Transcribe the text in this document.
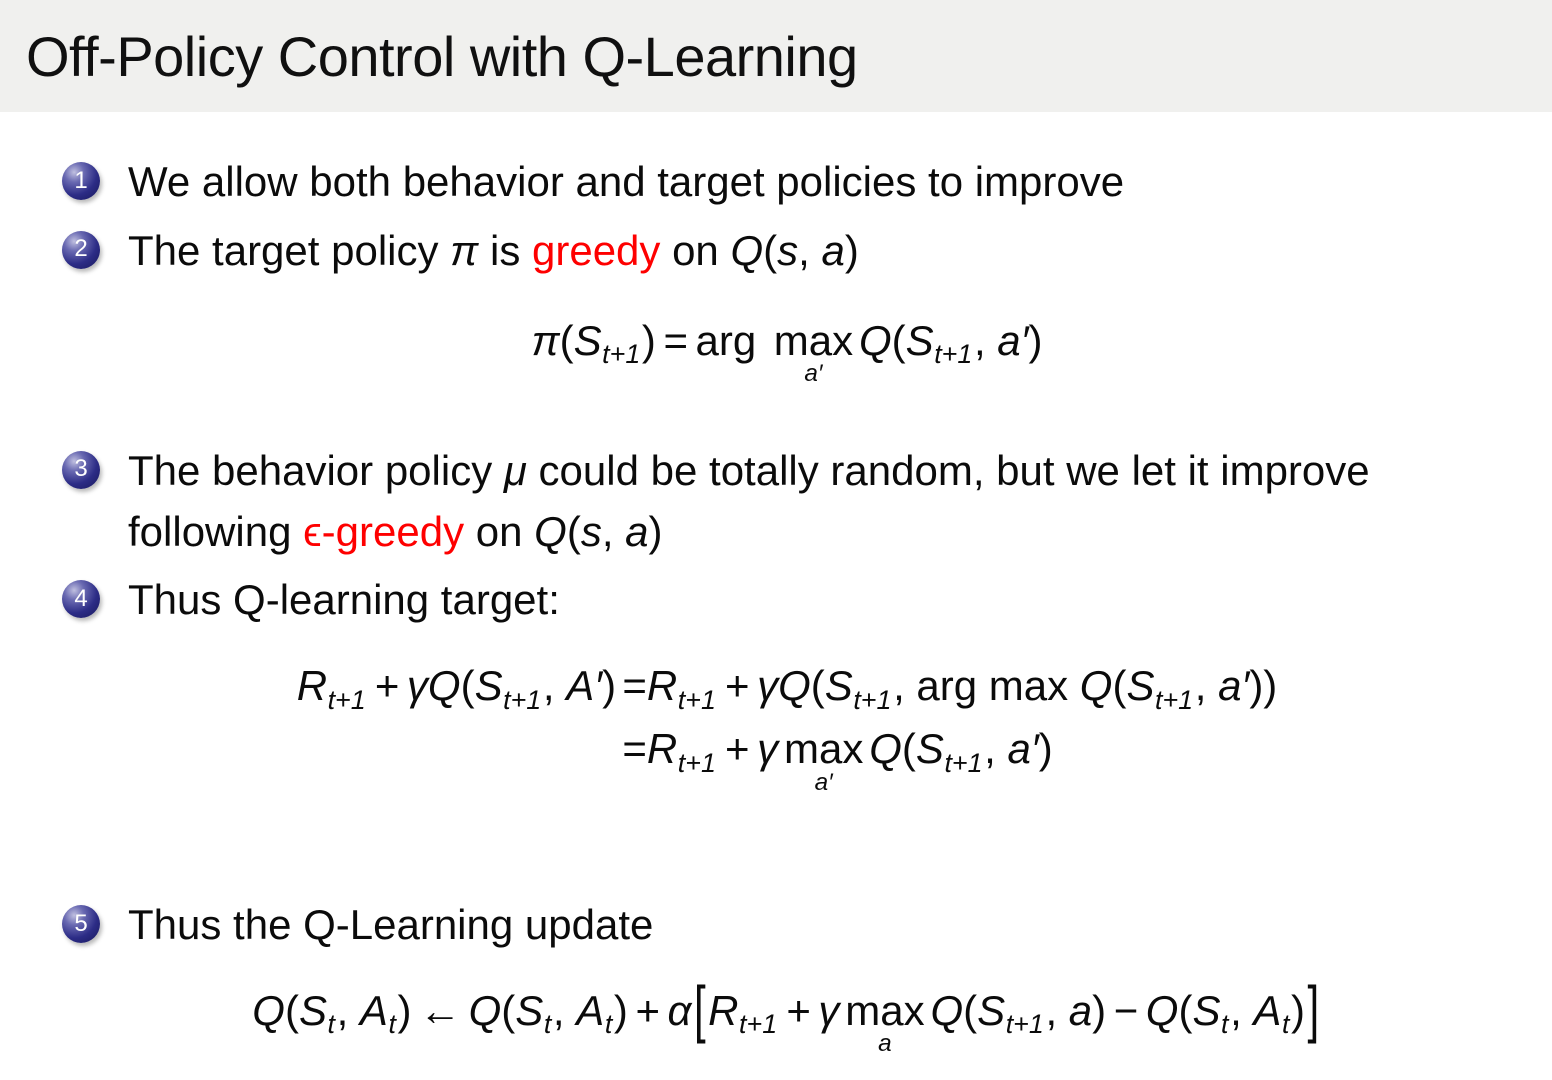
Off-Policy Control with Q-Learning
1 We allow both behavior and target policies to improve
2 The target policy π is greedy on Q(s, a)
$\pi(S_{t+1})$ = arg max
a′
$Q(S_{t+1}$, a′)
3 The behavior policy μ could be totally random, but we let it improve
following ϵ-greedy on Q(s, a)
4 Thus Q-learning target:
$R_{t+1} + \gamma Q(S_{t+1}$, A′)	$=R_{t+1} + \gamma Q(S_{t+1}$, arg $\max Q(S_{t+1}$, a′))
	$=R_{t+1} + \gamma$ max
a′
$Q(S_{t+1}$, a′)
5 Thus the Q-Learning update
$Q(S_t$, $A_t$) ← $Q(S_t$, $A_t) + \alpha[R_{t+1} + \gamma$ max
a
$Q(S_{t+1}$, $a) - Q(S_t$, $A_t$)]
